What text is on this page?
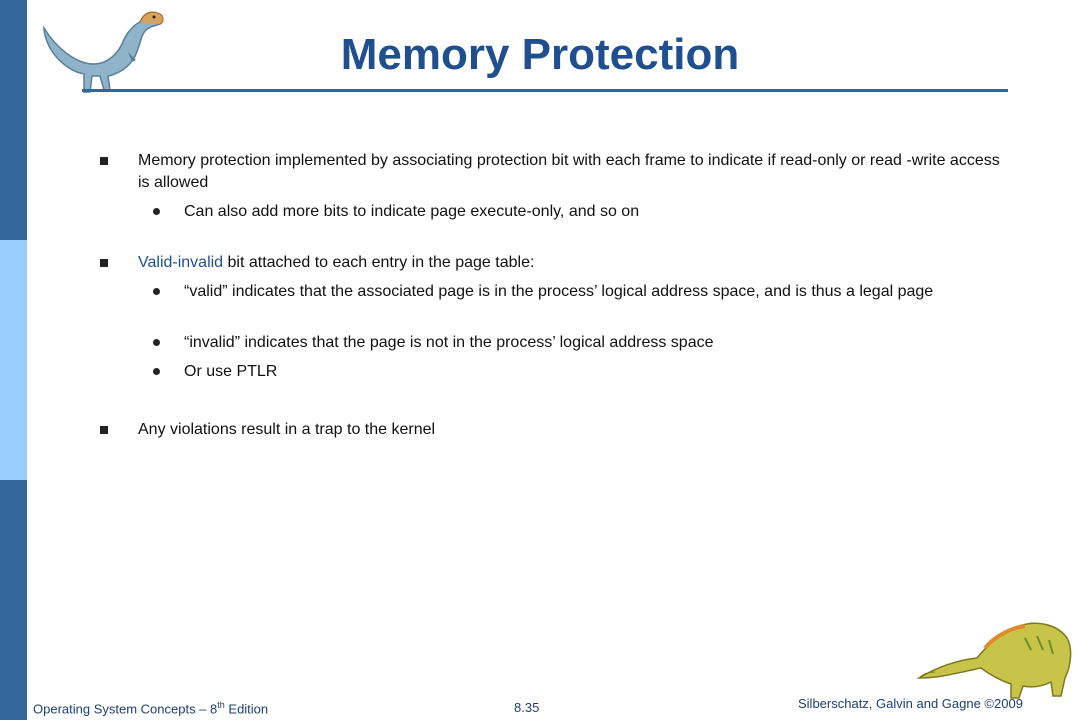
Memory Protection
Memory protection implemented by associating protection bit with each frame to indicate if read-only or read -write access is allowed
Can also add more bits to indicate page execute-only, and so on
Valid-invalid bit attached to each entry in the page table:
“valid” indicates that the associated page is in the process’ logical address space, and is thus a legal page
“invalid” indicates that the page is not in the process’ logical address space
Or use PTLR
Any violations result in a trap to the kernel
Operating System Concepts – 8th Edition	8.35	Silberschatz, Galvin and Gagne ©2009
